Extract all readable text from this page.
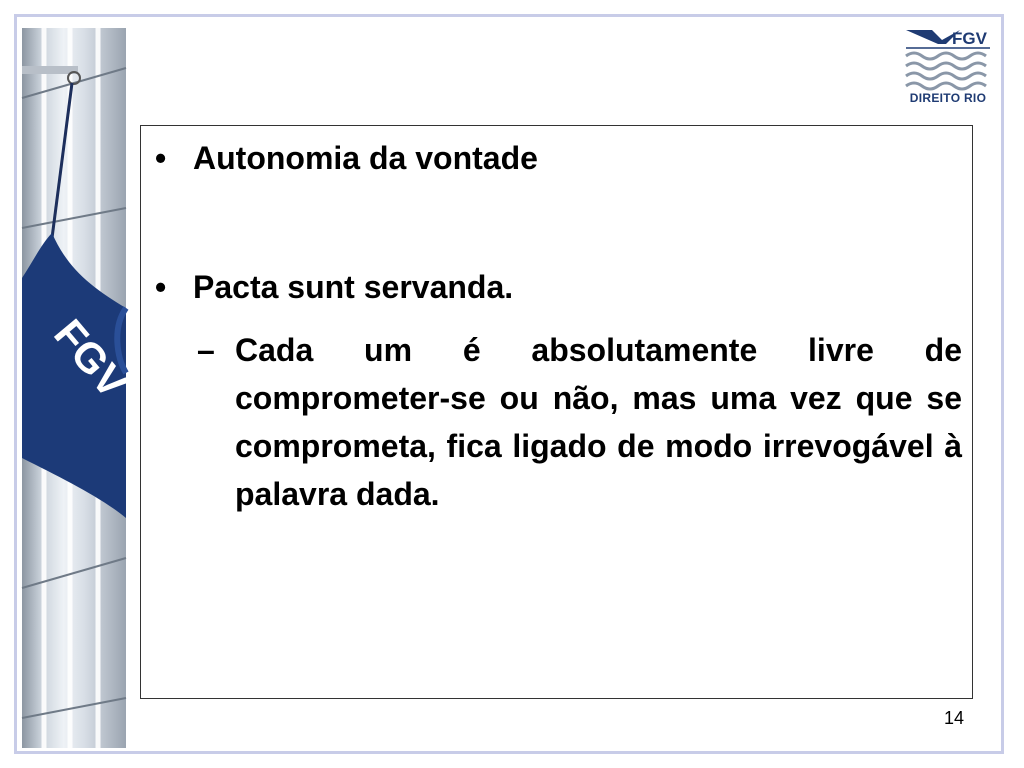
FGV
FGV
DIREITO RIO
• Autonomia da vontade
• Pacta sunt servanda.
– Cada um é absolutamente livre de comprometer-se ou não, mas uma vez que se comprometa, fica ligado de modo irrevogável à palavra dada.
14
